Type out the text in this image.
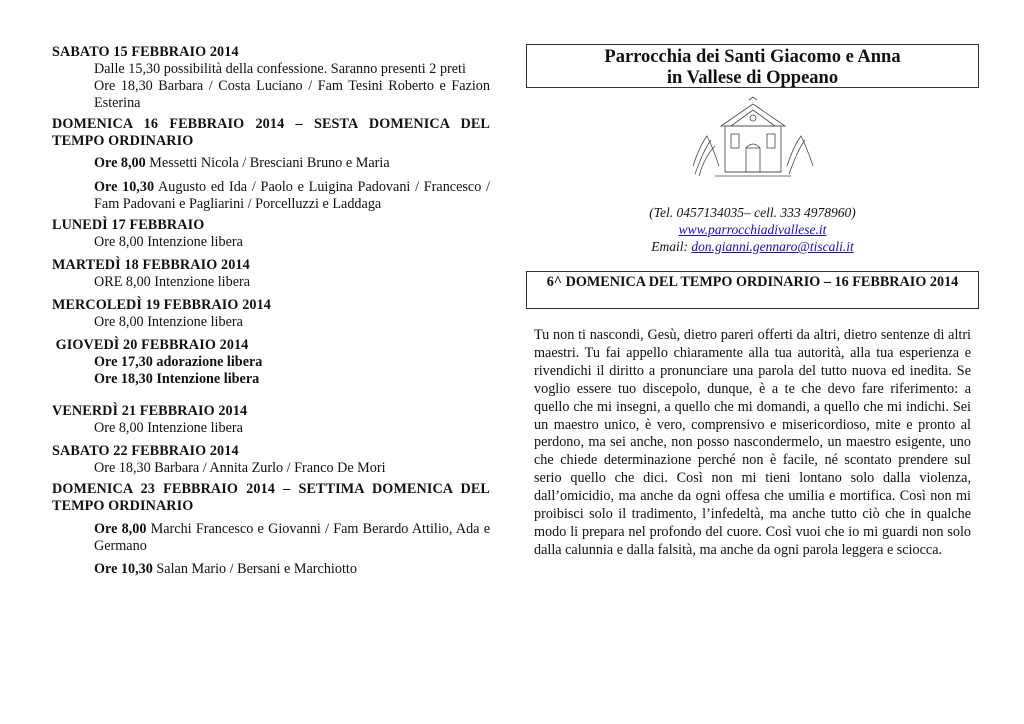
SABATO 15 FEBBRAIO 2014

Dalle 15,30 possibilità della confessione. Saranno presenti 2 preti

Ore 18,30 Barbara / Costa Luciano / Fam Tesini Roberto e Fazion Esterina

DOMENICA 16 FEBBRAIO 2014 – SESTA DOMENICA DEL TEMPO ORDINARIO

Ore 8,00 Messetti Nicola / Bresciani Bruno e Maria

Ore 10,30 Augusto ed Ida / Paolo e Luigina Padovani / Francesco / Fam Padovani e Pagliarini / Porcelluzzi e Laddaga

LUNEDÌ 17 FEBBRAIO

Ore 8,00 Intenzione libera

MARTEDÌ 18 FEBBRAIO 2014

ORE 8,00 Intenzione libera

MERCOLEDÌ 19 FEBBRAIO 2014

Ore 8,00 Intenzione libera

GIOVEDÌ 20 FEBBRAIO 2014

Ore 17,30 adorazione libera

Ore 18,30 Intenzione libera

VENERDÌ 21 FEBBRAIO 2014

Ore 8,00 Intenzione libera

SABATO 22 FEBBRAIO 2014

Ore 18,30 Barbara / Annita Zurlo / Franco De Mori

DOMENICA 23 FEBBRAIO 2014 – SETTIMA DOMENICA DEL TEMPO ORDINARIO

Ore 8,00 Marchi Francesco e Giovanni / Fam Berardo Attilio, Ada e Germano

Ore 10,30 Salan Mario / Bersani e Marchiotto

Parrocchia dei Santi Giacomo e Anna
in Vallese di Oppeano
(Tel. 0457134035– cell. 333 4978960)
www.parrocchiadivallese.it
Email: don.gianni.gennaro@tiscali.it
6^ DOMENICA DEL TEMPO ORDINARIO – 16 FEBBRAIO 2014

Tu non ti nascondi, Gesù, dietro pareri offerti da altri, dietro sentenze di altri maestri. Tu fai appello chiaramente alla tua autorità, alla tua esperienza e rivendichi il diritto a pronunciare una parola del tutto nuova ed inedita. Se voglio essere tuo discepolo, dunque, è a te che devo fare riferimento: a quello che mi insegni, a quello che mi domandi, a quello che mi indichi. Sei un maestro unico, è vero, comprensivo e misericordioso, mite e pronto al perdono, ma sei anche, non posso nascondermelo, un maestro esigente, uno che chiede determinazione perché non è facile, né scontato prendere sul serio quello che dici. Così non mi tieni lontano solo dalla violenza, dall’omicidio, ma anche da ogni offesa che umilia e mortifica. Così non mi proibisci solo il tradimento, l’infedeltà, ma anche tutto ciò che in qualche modo li prepara nel profondo del cuore. Così vuoi che io mi guardi non solo dalla calunnia e dalla falsità, ma anche da ogni parola leggera e sciocca.
